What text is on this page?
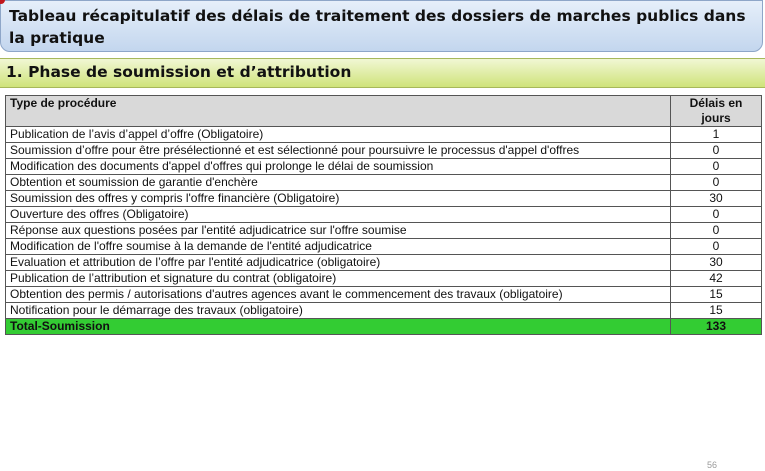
Tableau récapitulatif des délais de traitement des dossiers de marches publics dans la pratique
1. Phase de soumission et d’attribution
Type de procédure	Délais en jours
Publication de l’avis d’appel d’offre (Obligatoire)	1
Soumission d’offre pour être présélectionné et est sélectionné pour poursuivre le processus d'appel d'offres	0
Modification des documents d'appel d'offres qui prolonge le délai de soumission	0
Obtention et soumission de garantie d'enchère	0
Soumission des offres y compris l'offre financière (Obligatoire)	30
Ouverture des offres (Obligatoire)	0
Réponse aux questions posées par l'entité adjudicatrice sur l'offre soumise	0
Modification de l'offre soumise à la demande de l'entité adjudicatrice	0
Evaluation et attribution de l’offre par l'entité adjudicatrice (obligatoire)	30
Publication de l’attribution et signature du contrat (obligatoire)	42
Obtention des permis / autorisations d'autres agences avant le commencement des travaux (obligatoire)	15
Notification pour le démarrage des travaux (obligatoire)	15
Total-Soumission	133
56
